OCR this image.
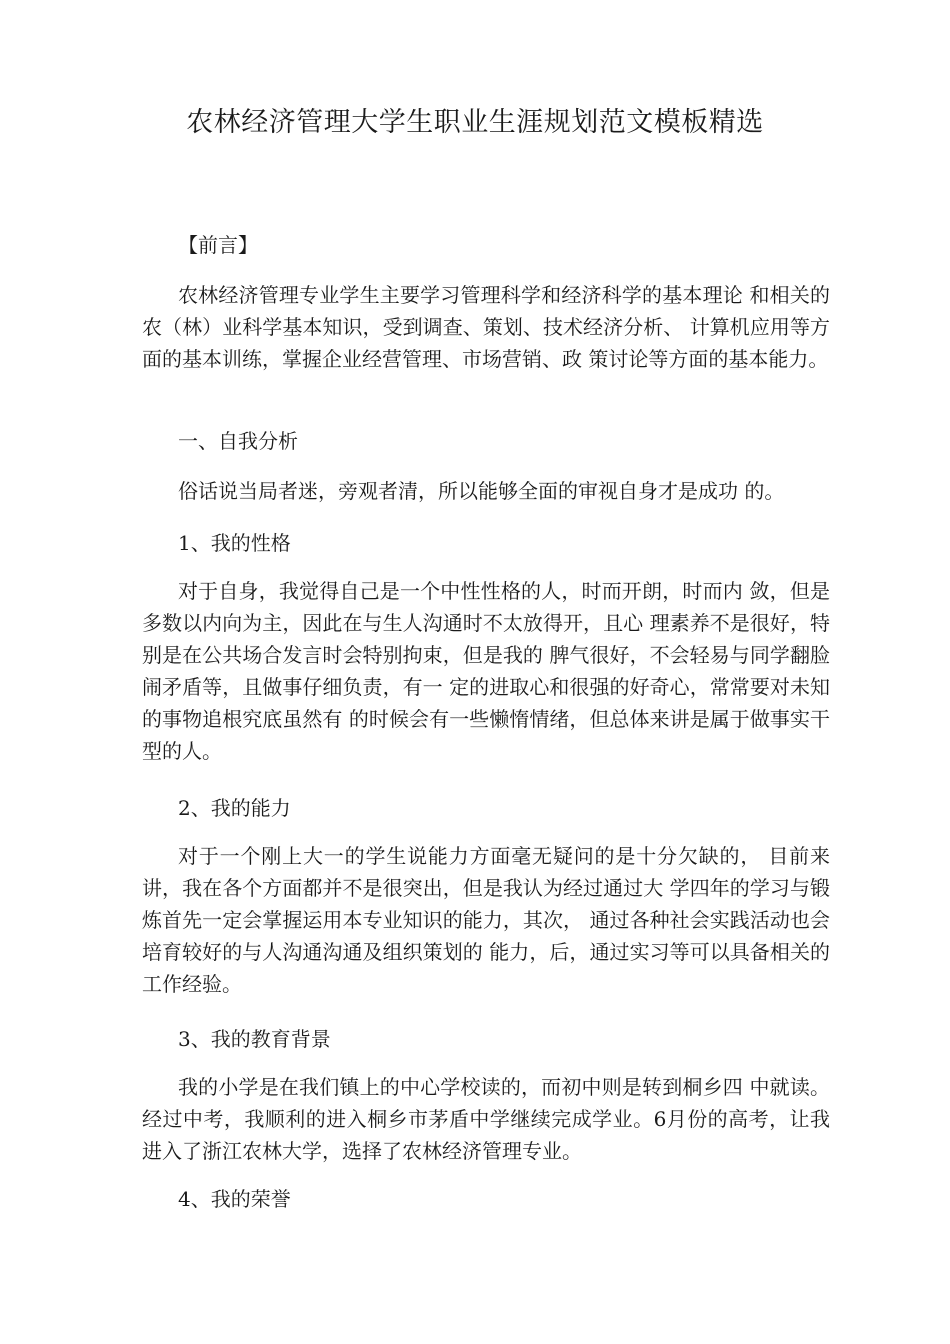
农林经济管理大学生职业生涯规划范文模板精选
【前言】
农林经济管理专业学生主要学习管理科学和经济科学的基本理论 和相关的农（林）业科学基本知识，受到调查、策划、技术经济分析、 计算机应用等方面的基本训练，掌握企业经营管理、市场营销、政 策讨论等方面的基本能力。
一、自我分析
俗话说当局者迷，旁观者清，所以能够全面的审视自身才是成功 的。
1、我的性格
对于自身，我觉得自己是一个中性性格的人，时而开朗，时而内 敛，但是多数以内向为主，因此在与生人沟通时不太放得开，且心 理素养不是很好，特别是在公共场合发言时会特别拘束，但是我的 脾气很好，不会轻易与同学翻脸闹矛盾等，且做事仔细负责，有一 定的进取心和很强的好奇心，常常要对未知的事物追根究底虽然有 的时候会有一些懒惰情绪，但总体来讲是属于做事实干型的人。
2、我的能力
对于一个刚上大一的学生说能力方面毫无疑问的是十分欠缺的， 目前来讲，我在各个方面都并不是很突出，但是我认为经过通过大 学四年的学习与锻炼首先一定会掌握运用本专业知识的能力，其次， 通过各种社会实践活动也会培育较好的与人沟通沟通及组织策划的 能力，后，通过实习等可以具备相关的工作经验。
3、我的教育背景
我的小学是在我们镇上的中心学校读的，而初中则是转到桐乡四 中就读。经过中考，我顺利的进入桐乡市茅盾中学继续完成学业。6月份的高考，让我进入了浙江农林大学，选择了农林经济管理专业。
4、我的荣誉
